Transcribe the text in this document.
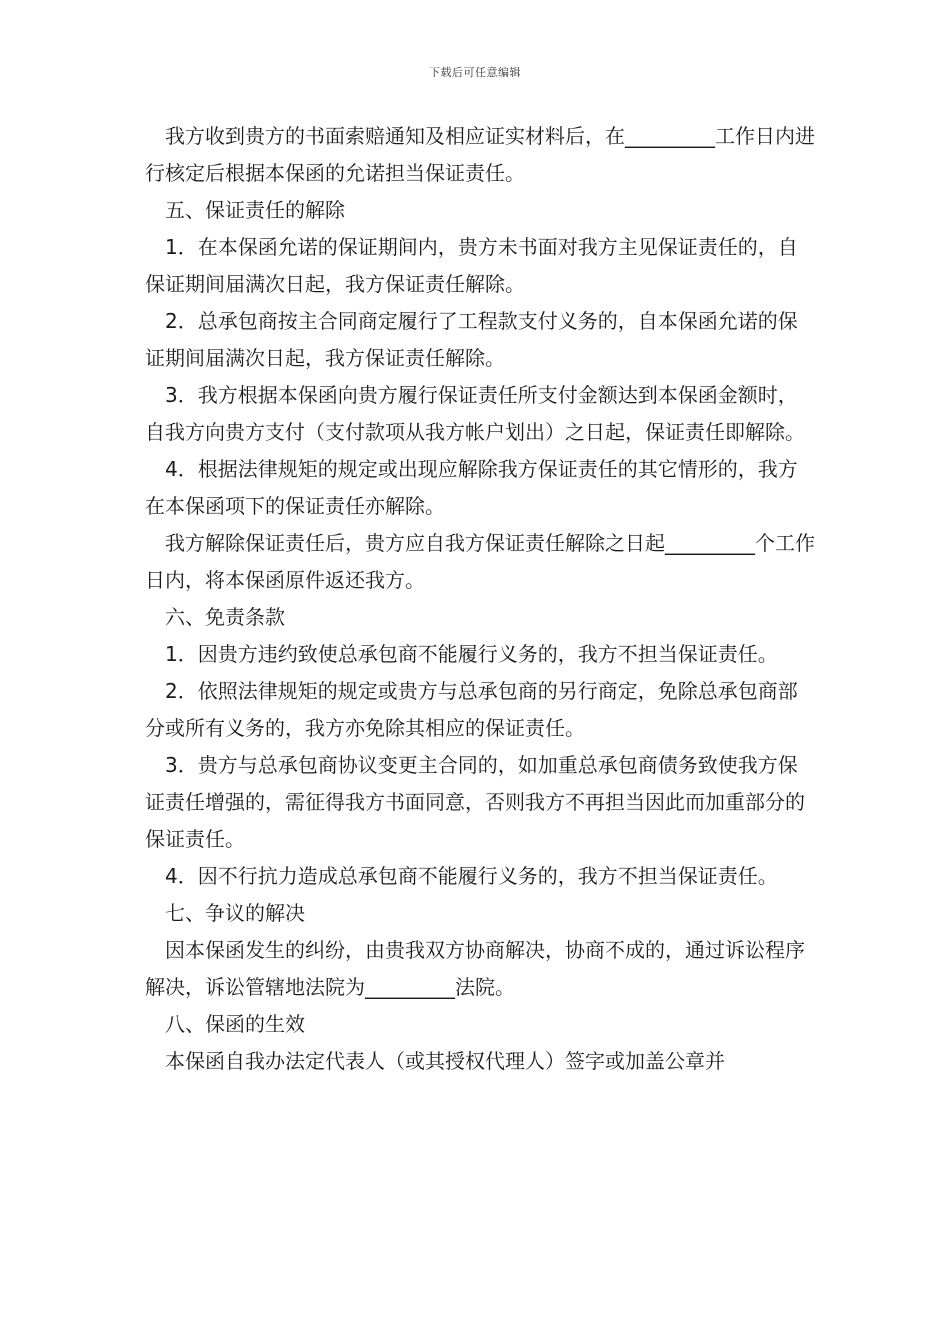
下载后可任意编辑

我方收到贵方的书面索赔通知及相应证实材料后，在_________工作日内进行核定后根据本保函的允诺担当保证责任。

五、保证责任的解除

1．在本保函允诺的保证期间内，贵方未书面对我方主见保证责任的，自保证期间届满次日起，我方保证责任解除。

2．总承包商按主合同商定履行了工程款支付义务的，自本保函允诺的保证期间届满次日起，我方保证责任解除。

3．我方根据本保函向贵方履行保证责任所支付金额达到本保函金额时，自我方向贵方支付（支付款项从我方帐户划出）之日起，保证责任即解除。

4．根据法律规矩的规定或出现应解除我方保证责任的其它情形的，我方在本保函项下的保证责任亦解除。

我方解除保证责任后，贵方应自我方保证责任解除之日起_________个工作日内，将本保函原件返还我方。

六、免责条款

1．因贵方违约致使总承包商不能履行义务的，我方不担当保证责任。

2．依照法律规矩的规定或贵方与总承包商的另行商定，免除总承包商部分或所有义务的，我方亦免除其相应的保证责任。

3．贵方与总承包商协议变更主合同的，如加重总承包商债务致使我方保证责任增强的，需征得我方书面同意，否则我方不再担当因此而加重部分的保证责任。

4．因不行抗力造成总承包商不能履行义务的，我方不担当保证责任。

七、争议的解决

因本保函发生的纠纷，由贵我双方协商解决，协商不成的，通过诉讼程序解决，诉讼管辖地法院为_________法院。

八、保函的生效

本保函自我办法定代表人（或其授权代理人）签字或加盖公章并
